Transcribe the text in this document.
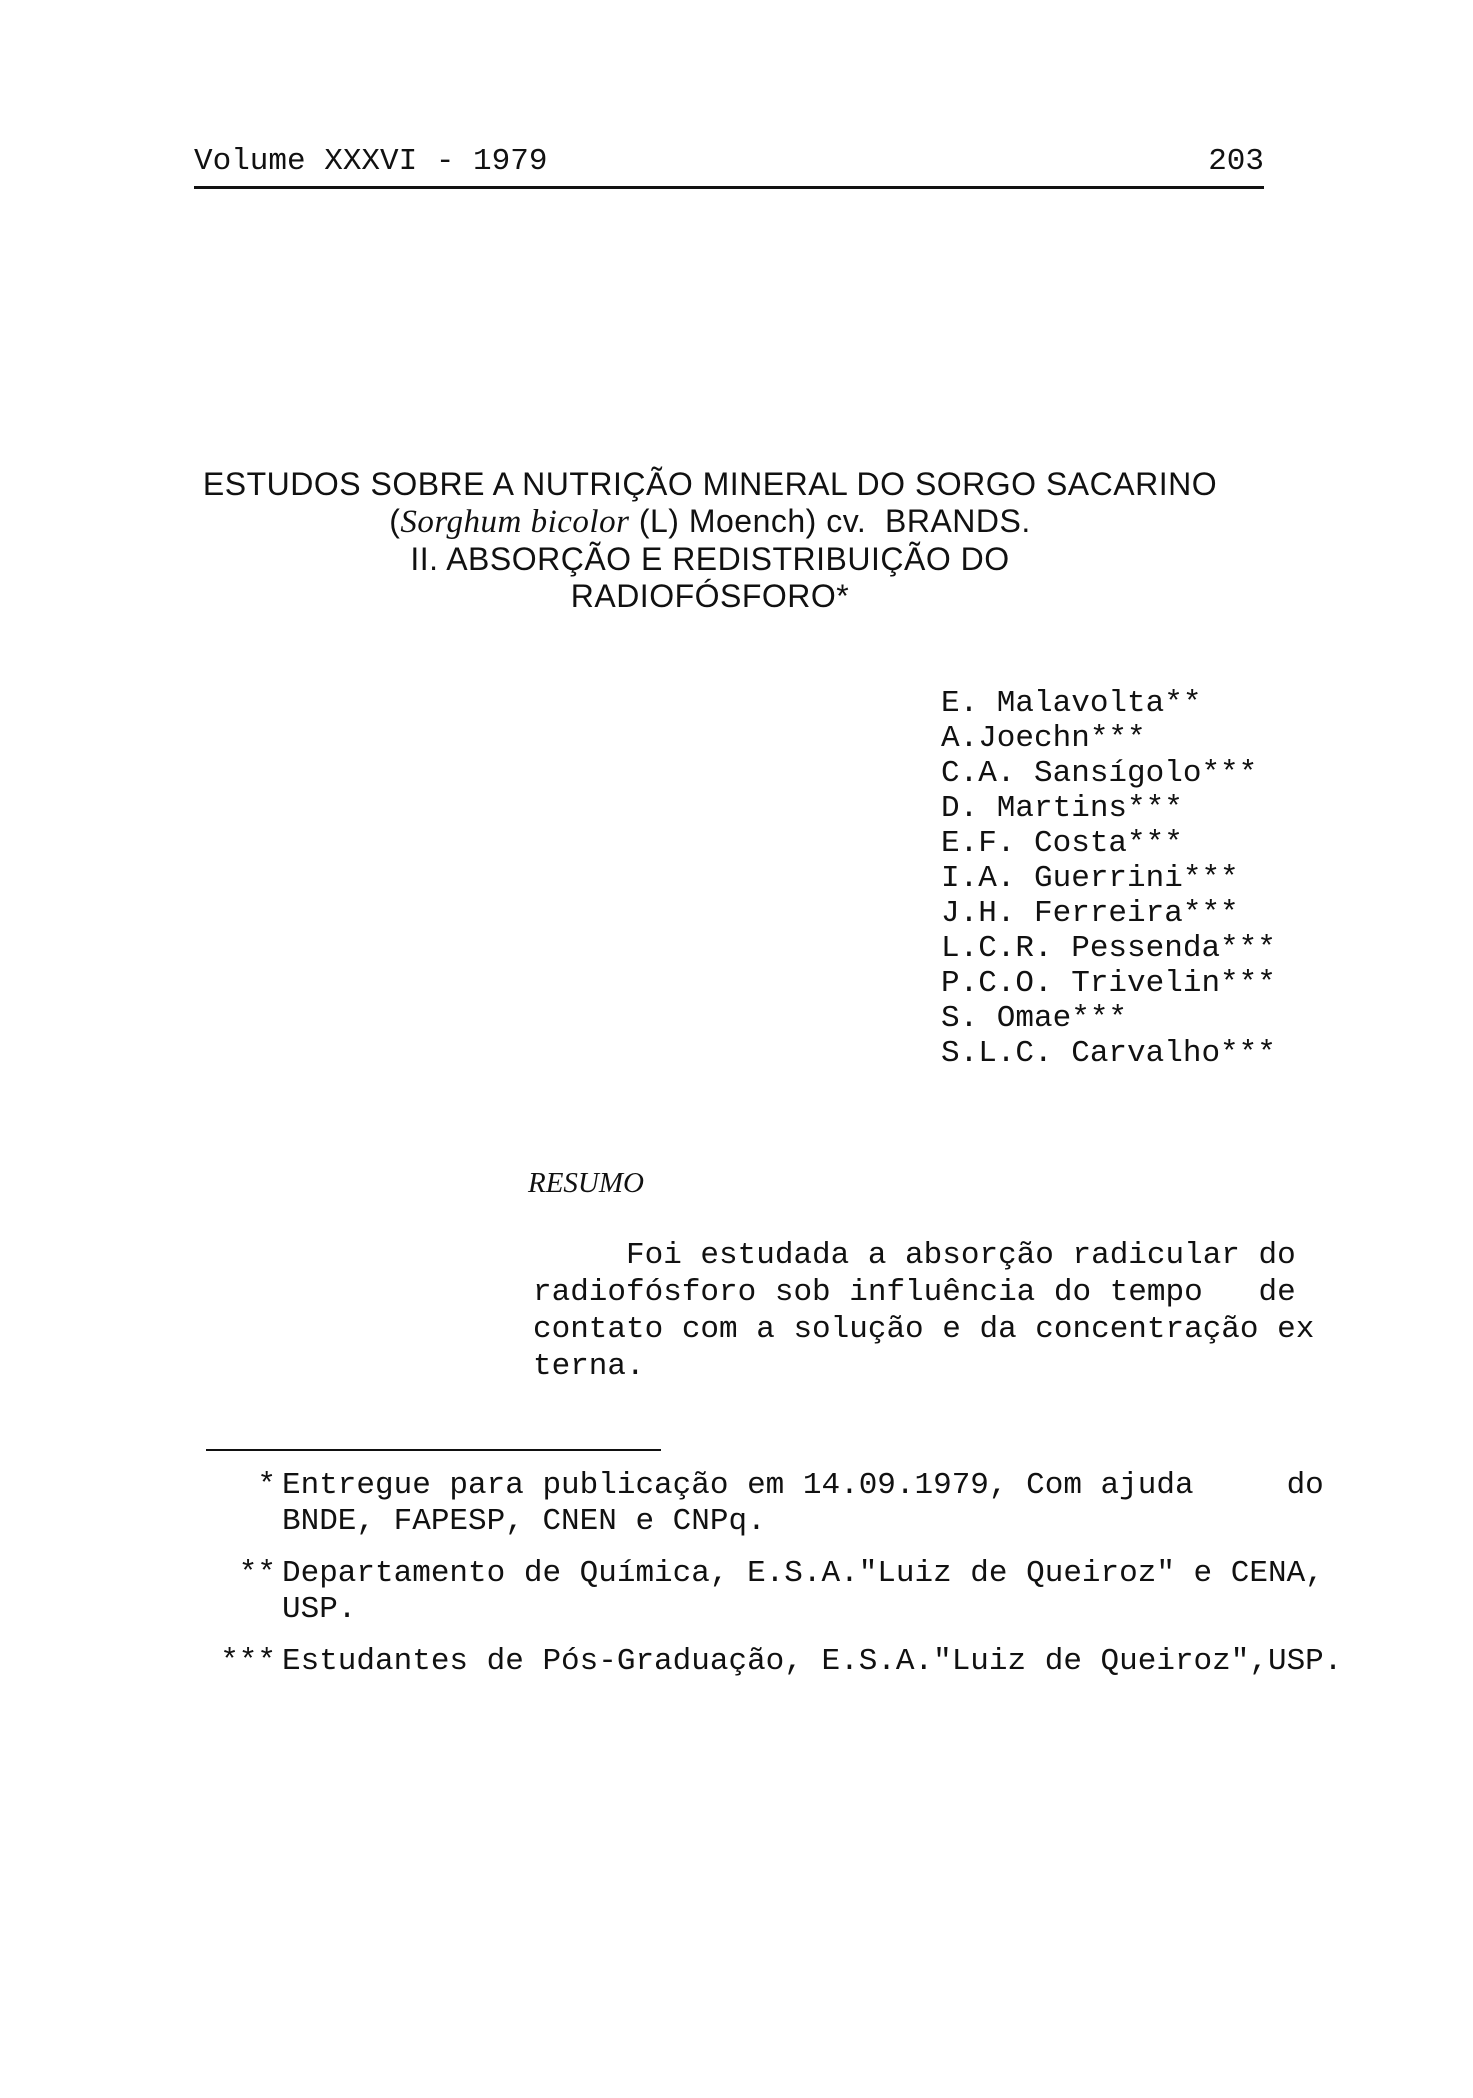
Volume XXXVI - 1979	203
ESTUDOS SOBRE A NUTRIÇÃO MINERAL DO SORGO SACARINO
(Sorghum bicolor (L) Moench) cv.  BRANDS.
II. ABSORÇÃO E REDISTRIBUIÇÃO DO
RADIOFÓSFORO*
E. Malavolta**
A.Joechn***
C.A. Sansígolo***
D. Martins***
E.F. Costa***
I.A. Guerrini***
J.H. Ferreira***
L.C.R. Pessenda***
P.C.O. Trivelin***
S. Omae***
S.L.C. Carvalho***
RESUMO
Foi estudada a absorção radicular do
radiofósforo sob influência do tempo   de
contato com a solução e da concentração ex
terna.
* Entregue para publicação em 14.09.1979, Com ajuda     do
BNDE, FAPESP, CNEN e CNPq.
** Departamento de Química, E.S.A."Luiz de Queiroz" e CENA,
USP.
*** Estudantes de Pós-Graduação, E.S.A."Luiz de Queiroz",USP.
